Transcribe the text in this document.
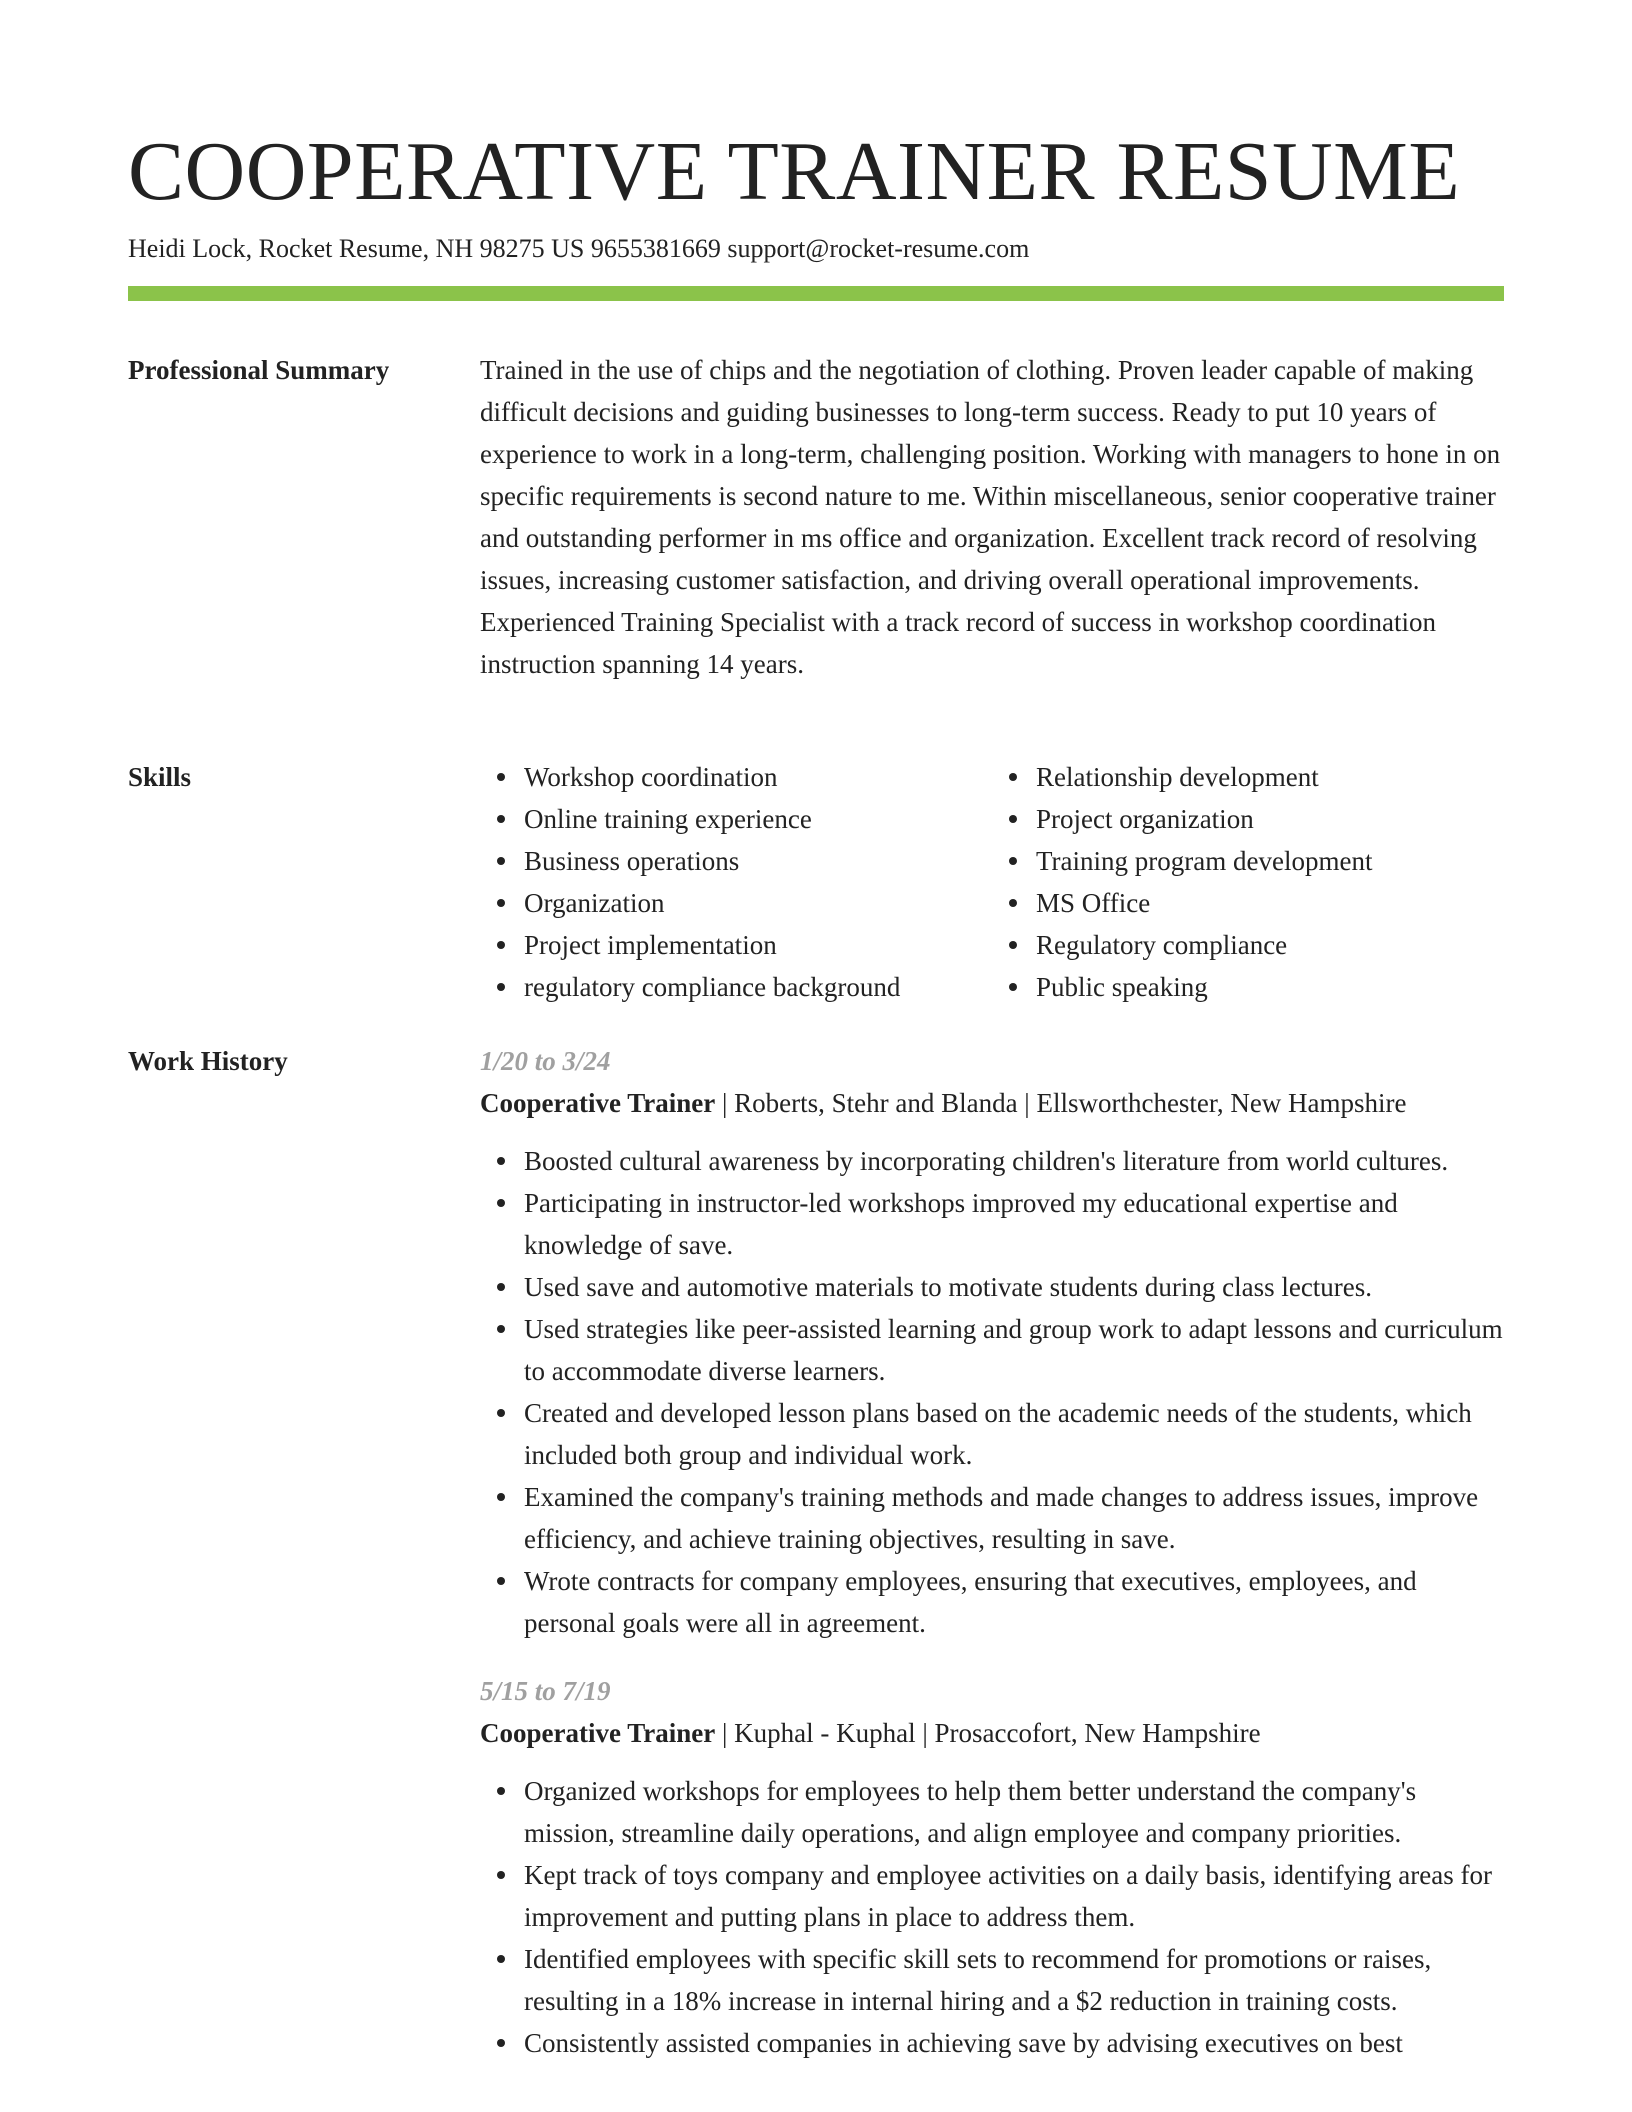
COOPERATIVE TRAINER RESUME
Heidi Lock, Rocket Resume, NH 98275 US 9655381669 support@rocket-resume.com
Professional Summary	Trained in the use of chips and the negotiation of clothing. Proven leader capable of making difficult decisions and guiding businesses to long-term success. Ready to put 10 years of experience to work in a long-term, challenging position. Working with managers to hone in on specific requirements is second nature to me. Within miscellaneous, senior cooperative trainer and outstanding performer in ms office and organization. Excellent track record of resolving issues, increasing customer satisfaction, and driving overall operational improvements. Experienced Training Specialist with a track record of success in workshop coordination instruction spanning 14 years.

Skills	Workshop coordination
Online training experience
Business operations
Organization
Project implementation
regulatory compliance background
Relationship development
Project organization
Training program development
MS Office
Regulatory compliance
Public speaking
Work History	1/20 to 3/24
Cooperative Trainer | Roberts, Stehr and Blanda | Ellsworthchester, New Hampshire
Boosted cultural awareness by incorporating children's literature from world cultures.
Participating in instructor-led workshops improved my educational expertise and knowledge of save.
Used save and automotive materials to motivate students during class lectures.
Used strategies like peer-assisted learning and group work to adapt lessons and curriculum to accommodate diverse learners.
Created and developed lesson plans based on the academic needs of the students, which included both group and individual work.
Examined the company's training methods and made changes to address issues, improve efficiency, and achieve training objectives, resulting in save.
Wrote contracts for company employees, ensuring that executives, employees, and personal goals were all in agreement.
5/15 to 7/19
Cooperative Trainer | Kuphal - Kuphal | Prosaccofort, New Hampshire
Organized workshops for employees to help them better understand the company's mission, streamline daily operations, and align employee and company priorities.
Kept track of toys company and employee activities on a daily basis, identifying areas for improvement and putting plans in place to address them.
Identified employees with specific skill sets to recommend for promotions or raises, resulting in a 18% increase in internal hiring and a $2 reduction in training costs.
Consistently assisted companies in achieving save by advising executives on best
